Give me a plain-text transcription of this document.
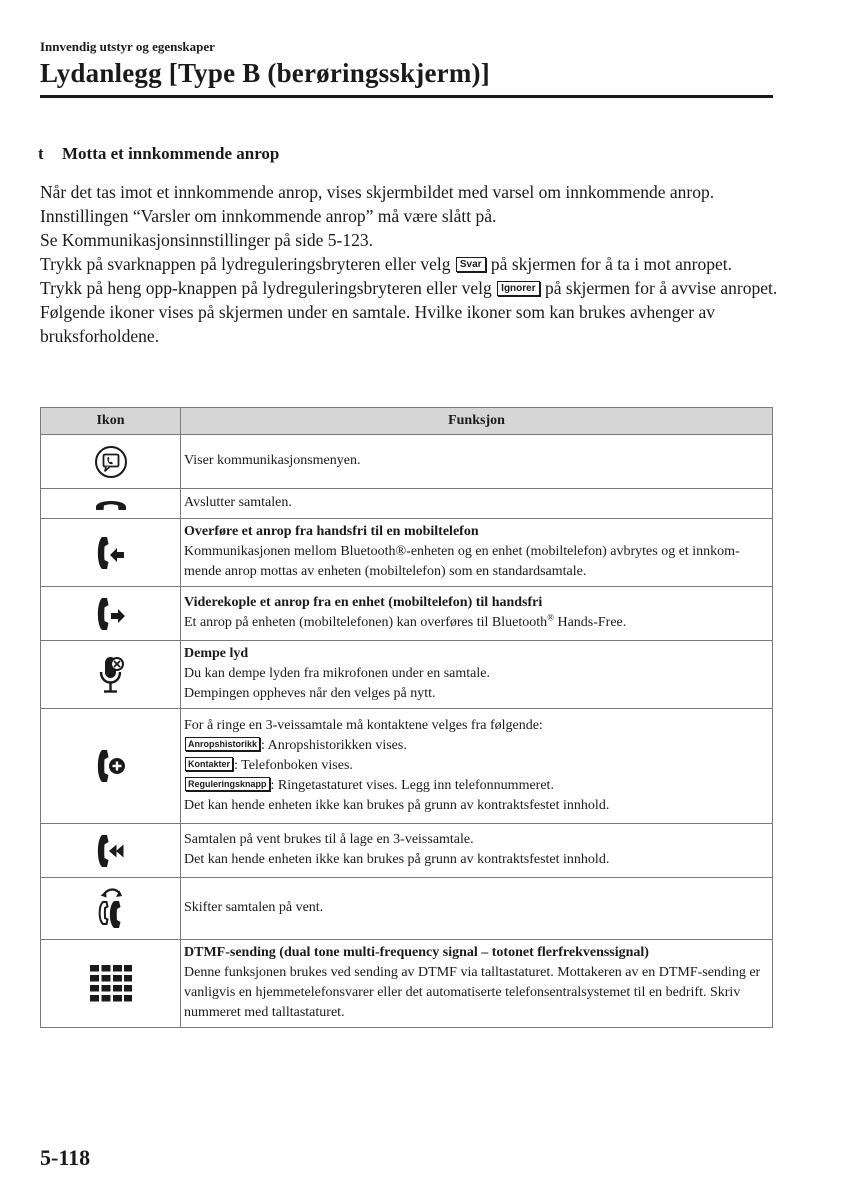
Innvendig utstyr og egenskaper
Lydanlegg [Type B (berøringsskjerm)]
t Motta et innkommende anrop

Når det tas imot et innkommende anrop, vises skjermbildet med varsel om innkommende anrop. Innstillingen “Varsler om innkommende anrop” må være slått på.

Se Kommunikasjonsinnstillinger på side 5-123.

Trykk på svarknappen på lydreguleringsbryteren eller velg Svar på skjermen for å ta i mot anropet.

Trykk på heng opp-knappen på lydreguleringsbryteren eller velg Ignorer på skjermen for å avvise anropet.

Følgende ikoner vises på skjermen under en samtale. Hvilke ikoner som kan brukes avhenger av bruksforholdene.

Ikon	Funksjon

Viser kommunikasjonsmenyen.

Avslutter samtalen.

Overføre et anrop fra handsfri til en mobiltelefon
Kommunikasjonen mellom Bluetooth®-enheten og en enhet (mobiltelefon) avbrytes og et innkom-mende anrop mottas av enheten (mobiltelefon) som en standardsamtale.

Viderekople et anrop fra en enhet (mobiltelefon) til handsfri
Et anrop på enheten (mobiltelefonen) kan overføres til Bluetooth® Hands-Free.

Dempe lyd
Du kan dempe lyden fra mikrofonen under en samtale.
Dempingen oppheves når den velges på nytt.

For å ringe en 3-veissamtale må kontaktene velges fra følgende:
Anropshistorikk : Anropshistorikken vises.
Kontakter : Telefonboken vises.
Reguleringsknapp : Ringetastaturet vises. Legg inn telefonnummeret.
Det kan hende enheten ikke kan brukes på grunn av kontraktsfestet innhold.

Samtalen på vent brukes til å lage en 3-veissamtale.
Det kan hende enheten ikke kan brukes på grunn av kontraktsfestet innhold.

Skifter samtalen på vent.

DTMF-sending (dual tone multi-frequency signal – totonet flerfrekvenssignal)
Denne funksjonen brukes ved sending av DTMF via talltastaturet. Mottakeren av en DTMF-sending er vanligvis en hjemmetelefonsvarer eller det automatiserte telefonsentralsystemet til en bedrift. Skriv nummeret med talltastaturet.
5-118
